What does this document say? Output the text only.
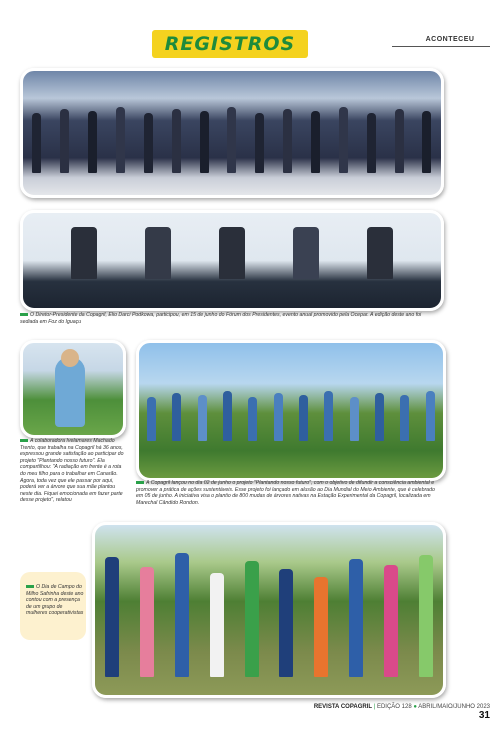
REGISTROS	ACONTECEU
O Diretor-Presidente da Copagril, Elio Darci Podkowa, participou, em 15 de junho do Fórum dos Presidentes, evento anual promovido pela Ocepar. A edição deste ano foi sediada em Foz do Iguaçu
A colaboradora Ivelamares Machado Trento, que trabalha na Copagril há 36 anos, expressou grande satisfação ao participar do projeto "Plantando nosso futuro". Ela compartilhou: "A radiação em frente é a rota do meu filho para o trabalhar em Canarão. Agora, toda vez que ele passar por aqui, poderá ver a árvore que sua mãe plantou neste dia. Fiquei emocionada em fazer parte desse projeto", relatou
A Copagril lançou no dia 02 de junho o projeto "Plantando nosso futuro", com o objetivo de difundir a consciência ambiental e promover a prática de ações sustentáveis. Esse projeto foi lançado em alusão ao Dia Mundial do Meio Ambiente, que é celebrado em 05 de junho. A iniciativa visa o plantio de 800 mudas de árvores nativas na Estação Experimental da Copagril, localizada em Marechal Cândido Rondon.
O Dia de Campo do Milho Safrinha deste ano contou com a presença de um grupo de mulheres cooperativistas
REVISTA COPAGRIL | EDIÇÃO 128 ● ABRIL/MAIO/JUNHO 2023 31
